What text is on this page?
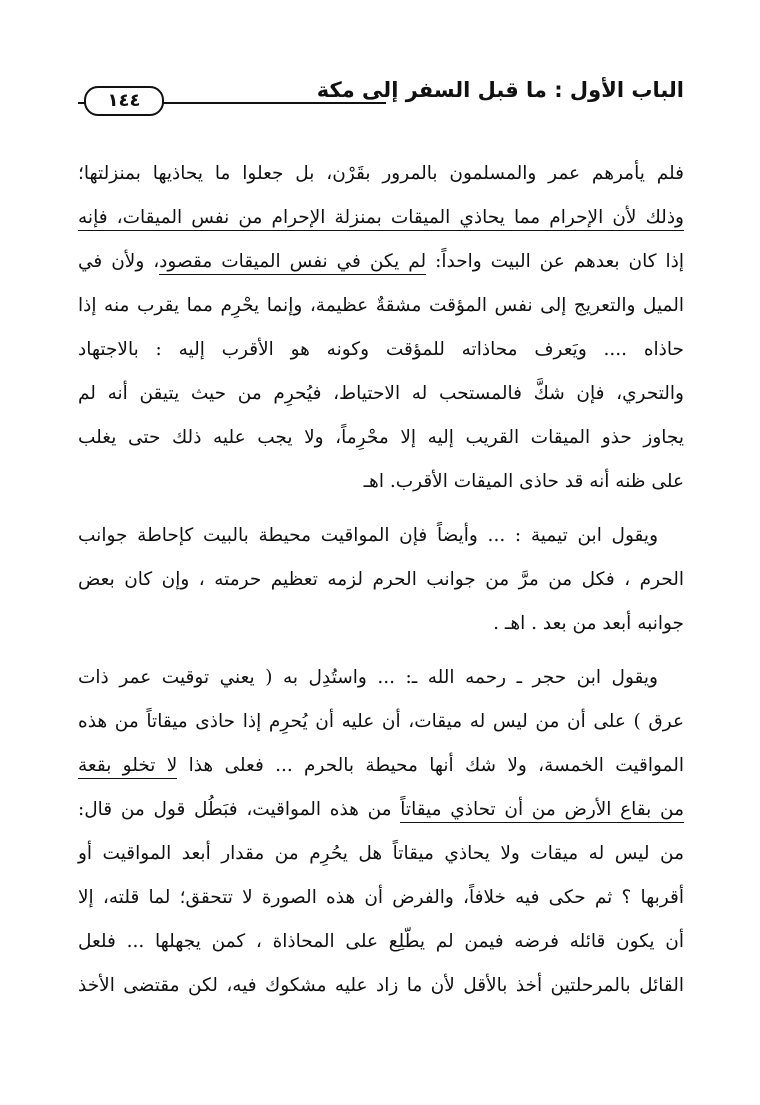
الباب الأول : ما قبل السفر إلى مكة
١٤٤
فلم يأمرهم عمر والمسلمون بالمرور بقَرْن، بل جعلوا ما يحاذيها بمنزلتها؛
وذلك لأن الإحرام مما يحاذي الميقات بمنزلة الإحرام من نفس الميقات، فإنه
إذا كان بعدهم عن البيت واحداً: لم يكن في نفس الميقات مقصود، ولأن في
الميل والتعريج إلى نفس المؤقت مشقةٌ عظيمة، وإنما يحْرِم مما يقرب منه إذا
حاذاه .... ويَعرف محاذاته للمؤقت وكونه هو الأقرب إليه : بالاجتهاد
والتحري، فإن شكَّ فالمستحب له الاحتياط، فيُحرِم من حيث يتيقن أنه لم
يجاوز حذو الميقات القريب إليه إلا محْرِماً، ولا يجب عليه ذلك حتى يغلب
على ظنه أنه قد حاذى الميقات الأقرب. اهـ
ويقول ابن تيمية : ... وأيضاً فإن المواقيت محيطة بالبيت كإحاطة جوانب
الحرم ، فكل من مرَّ من جوانب الحرم لزمه تعظيم حرمته ، وإن كان بعض
جوانبه أبعد من بعد . اهـ .
ويقول ابن حجر ـ رحمه الله ـ: ... واستُدِل به ( يعني توقيت عمر ذات
عرق ) على أن من ليس له ميقات، أن عليه أن يُحرِم إذا حاذى ميقاتاً من هذه
المواقيت الخمسة، ولا شك أنها محيطة بالحرم ... فعلى هذا لا تخلو بقعة
من بقاع الأرض من أن تحاذي ميقاتاً من هذه المواقيت، فبَطُل قول من قال:
من ليس له ميقات ولا يحاذي ميقاتاً هل يحُرِم من مقدار أبعد المواقيت أو
أقربها ؟ ثم حكى فيه خلافاً، والفرض أن هذه الصورة لا تتحقق؛ لما قلته، إلا
أن يكون قائله فرضه فيمن لم يطّلِع على المحاذاة ، كمن يجهلها ... فلعل
القائل بالمرحلتين أخذ بالأقل لأن ما زاد عليه مشكوك فيه، لكن مقتضى الأخذ
